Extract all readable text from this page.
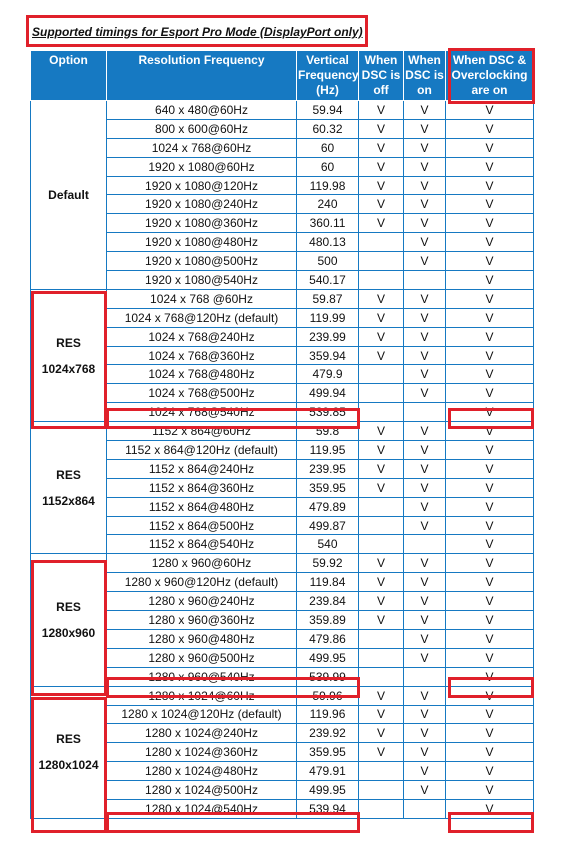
Supported timings for Esport Pro Mode (DisplayPort only)
Option	Resolution Frequency	Vertical Frequency (Hz)	When DSC is off	When DSC is on	When DSC & Overclocking are on

Default	640 x 480@60Hz	59.94	V	V	V
	800 x 600@60Hz	60.32	V	V	V
	1024 x 768@60Hz	60	V	V	V
	1920 x 1080@60Hz	60	V	V	V
	1920 x 1080@120Hz	119.98	V	V	V
	1920 x 1080@240Hz	240	V	V	V
	1920 x 1080@360Hz	360.11	V	V	V
	1920 x 1080@480Hz	480.13		V	V
	1920 x 1080@500Hz	500		V	V
	1920 x 1080@540Hz	540.17			V

RES
1024x768	1024 x 768 @60Hz	59.87	V	V	V
	1024 x 768@120Hz (default)	119.99	V	V	V
	1024 x 768@240Hz	239.99	V	V	V
	1024 x 768@360Hz	359.94	V	V	V
	1024 x 768@480Hz	479.9		V	V
	1024 x 768@500Hz	499.94		V	V
	1024 x 768@540Hz	539.85			V

RES
1152x864	1152 x 864@60Hz	59.8	V	V	V
	1152 x 864@120Hz (default)	119.95	V	V	V
	1152 x 864@240Hz	239.95	V	V	V
	1152 x 864@360Hz	359.95	V	V	V
	1152 x 864@480Hz	479.89		V	V
	1152 x 864@500Hz	499.87		V	V
	1152 x 864@540Hz	540			V

RES
1280x960	1280 x 960@60Hz	59.92	V	V	V
	1280 x 960@120Hz (default)	119.84	V	V	V
	1280 x 960@240Hz	239.84	V	V	V
	1280 x 960@360Hz	359.89	V	V	V
	1280 x 960@480Hz	479.86		V	V
	1280 x 960@500Hz	499.95		V	V
	1280 x 960@540Hz	539.99			V

RES
1280x1024	1280 x 1024@60Hz	59.96	V	V	V
	1280 x 1024@120Hz (default)	119.96	V	V	V
	1280 x 1024@240Hz	239.92	V	V	V
	1280 x 1024@360Hz	359.95	V	V	V
	1280 x 1024@480Hz	479.91		V	V
	1280 x 1024@500Hz	499.95		V	V
	1280 x 1024@540Hz	539.94			V
